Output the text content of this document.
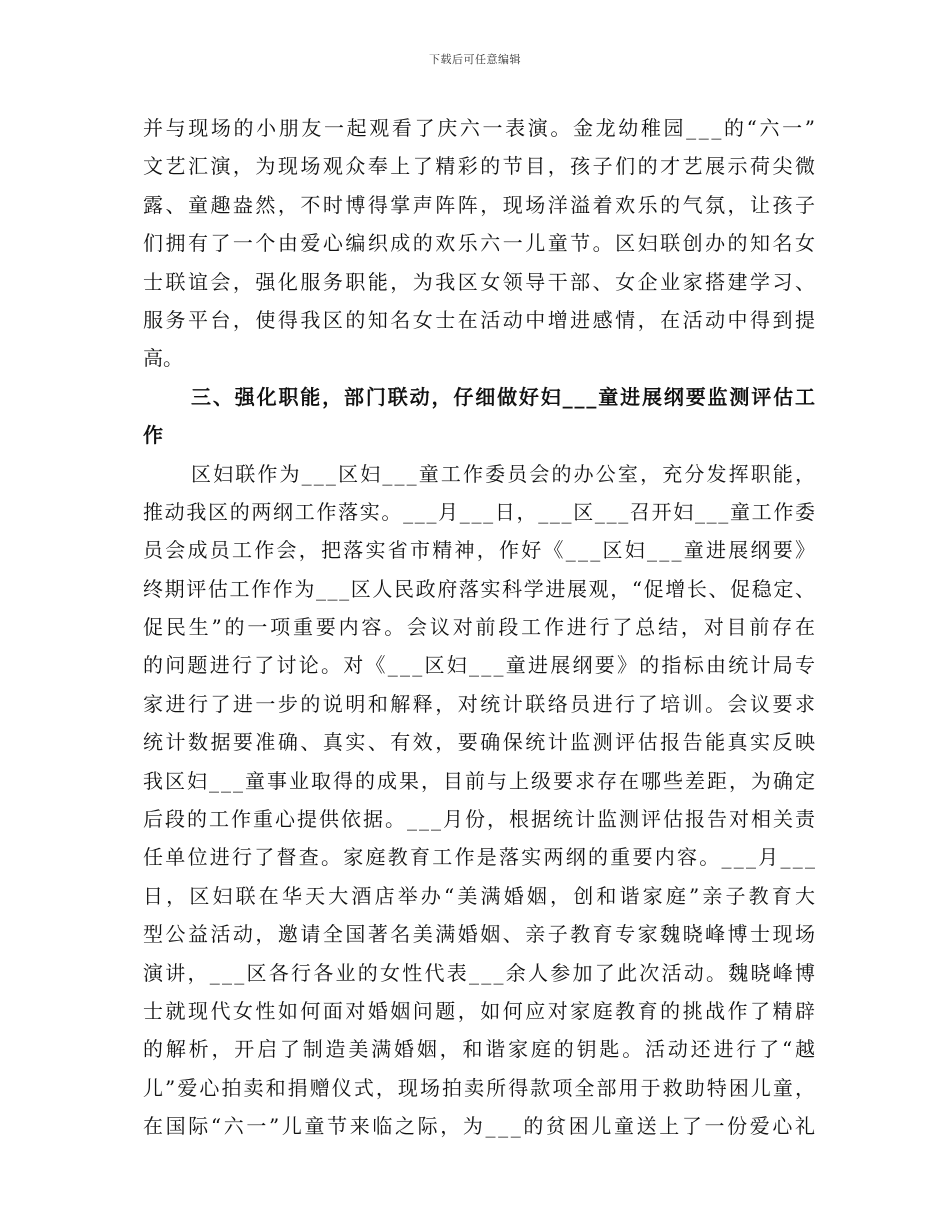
下载后可任意编辑
并与现场的小朋友一起观看了庆六一表演。金龙幼稚园___的“六一”
文艺汇演，为现场观众奉上了精彩的节目，孩子们的才艺展示荷尖微
露、童趣盎然，不时博得掌声阵阵，现场洋溢着欢乐的气氛，让孩子
们拥有了一个由爱心编织成的欢乐六一儿童节。区妇联创办的知名女
士联谊会，强化服务职能，为我区女领导干部、女企业家搭建学习、
服务平台，使得我区的知名女士在活动中增进感情，在活动中得到提
高。
三、强化职能，部门联动，仔细做好妇___童进展纲要监测评估工
作
区妇联作为___区妇___童工作委员会的办公室，充分发挥职能，
推动我区的两纲工作落实。___月___日，___区___召开妇___童工作委
员会成员工作会，把落实省市精神，作好《___区妇___童进展纲要》
终期评估工作作为___区人民政府落实科学进展观，“促增长、促稳定、
促民生”的一项重要内容。会议对前段工作进行了总结，对目前存在
的问题进行了讨论。对《___区妇___童进展纲要》的指标由统计局专
家进行了进一步的说明和解释，对统计联络员进行了培训。会议要求
统计数据要准确、真实、有效，要确保统计监测评估报告能真实反映
我区妇___童事业取得的成果，目前与上级要求存在哪些差距，为确定
后段的工作重心提供依据。___月份，根据统计监测评估报告对相关责
任单位进行了督查。家庭教育工作是落实两纲的重要内容。___月___
日，区妇联在华天大酒店举办“美满婚姻，创和谐家庭”亲子教育大
型公益活动，邀请全国著名美满婚姻、亲子教育专家魏晓峰博士现场
演讲，___区各行各业的女性代表___余人参加了此次活动。魏晓峰博
士就现代女性如何面对婚姻问题，如何应对家庭教育的挑战作了精辟
的解析，开启了制造美满婚姻，和谐家庭的钥匙。活动还进行了“越
儿”爱心拍卖和捐赠仪式，现场拍卖所得款项全部用于救助特困儿童，
在国际“六一”儿童节来临之际，为___的贫困儿童送上了一份爱心礼
